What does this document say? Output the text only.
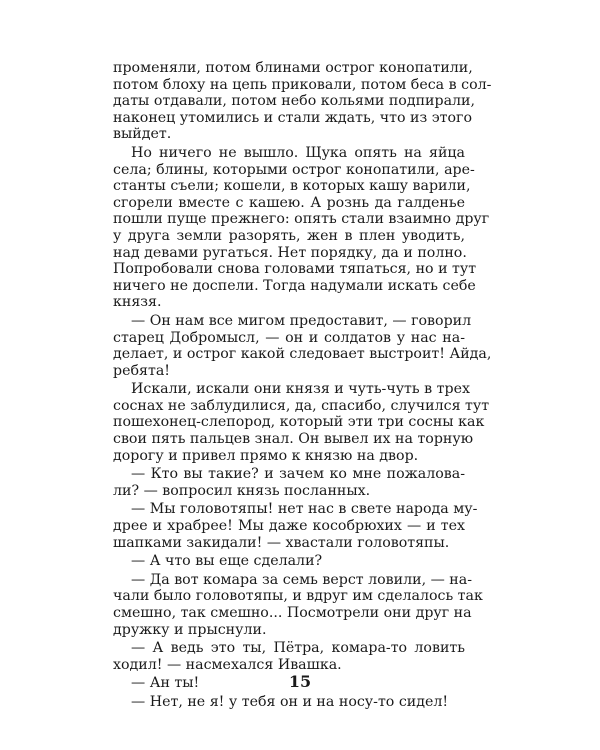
променяли, потом блинами острог конопатили,
потом блоху на цепь приковали, потом беса в сол-
даты отдавали, потом небо кольями подпирали,
наконец утомились и стали ждать, что из этого
выйдет.
Но ничего не вышло. Щука опять на яйца
села; блины, которыми острог конопатили, аре-
станты съели; кошели, в которых кашу варили,
сгорели вместе с кашею. А рознь да галденье
пошли пуще прежнего: опять стали взаимно друг
у друга земли разорять, жен в плен уводить,
над девами ругаться. Нет порядку, да и полно.
Попробовали снова головами тяпаться, но и тут
ничего не доспели. Тогда надумали искать себе
князя.
— Он нам все мигом предоставит, — говорил
старец Добромысл, — он и солдатов у нас на-
делает, и острог какой следовает выстроит! Айда,
ребята!
Искали, искали они князя и чуть-чуть в трех
соснах не заблудилися, да, спасибо, случился тут
пошехонец-слепород, который эти три сосны как
свои пять пальцев знал. Он вывел их на торную
дорогу и привел прямо к князю на двор.
— Кто вы такие? и зачем ко мне пожалова-
ли? — вопросил князь посланных.
— Мы головотяпы! нет нас в свете народа му-
дрее и храбрее! Мы даже кособрюхих — и тех
шапками закидали! — хвастали головотяпы.
— А что вы еще сделали?
— Да вот комара за семь верст ловили, — на-
чали было головотяпы, и вдруг им сделалось так
смешно, так смешно... Посмотрели они друг на
дружку и прыснули.
— А ведь это ты, Пётра, комара-то ловить
ходил! — насмехался Ивашка.
— Ан ты!
— Нет, не я! у тебя он и на носу-то сидел!
15
